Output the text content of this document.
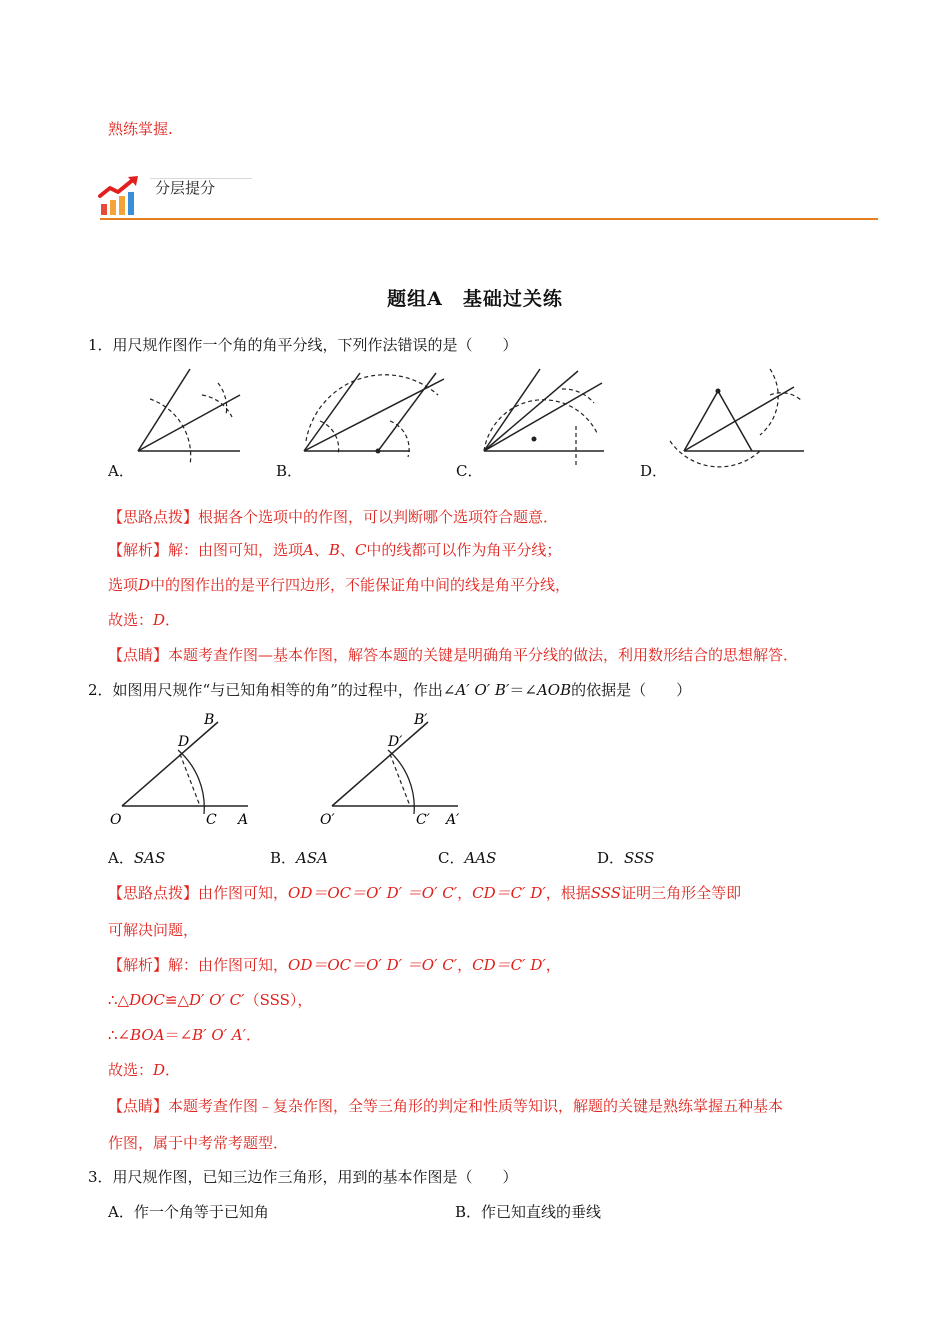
熟练掌握.
分层提分
题组A　基础过关练
1．用尺规作图作一个角的角平分线，下列作法错误的是（　　）
A．	B．	C．	D．
【思路点拨】根据各个选项中的作图，可以判断哪个选项符合题意．
【解析】解：由图可知，选项A、B、C中的线都可以作为角平分线；
选项D中的图作出的是平行四边形，不能保证角中间的线是角平分线，
故选：D．
【点睛】本题考查作图—基本作图，解答本题的关键是明确角平分线的做法，利用数形结合的思想解答．
2．如图用尺规作“与已知角相等的角”的过程中，作出∠A′ O′ B′＝∠AOB的依据是（　　）
B
D
O	C A
B′
D′
O′	C′ A′
A．SAS	B．ASA	C．AAS	D．SSS
【思路点拨】由作图可知，OD＝OC＝O′ D′ ＝O′ C′，CD＝C′ D′，根据SSS证明三角形全等即
可解决问题，
【解析】解：由作图可知，OD＝OC＝O′ D′ ＝O′ C′，CD＝C′ D′，
∴△DOC≌△D′ O′ C′（SSS），
∴∠BOA＝∠B′ O′ A′．
故选：D．
【点睛】本题考查作图﹣复杂作图，全等三角形的判定和性质等知识，解题的关键是熟练掌握五种基本
作图，属于中考常考题型．
3．用尺规作图，已知三边作三角形，用到的基本作图是（　　）
A．作一个角等于已知角	B．作已知直线的垂线
